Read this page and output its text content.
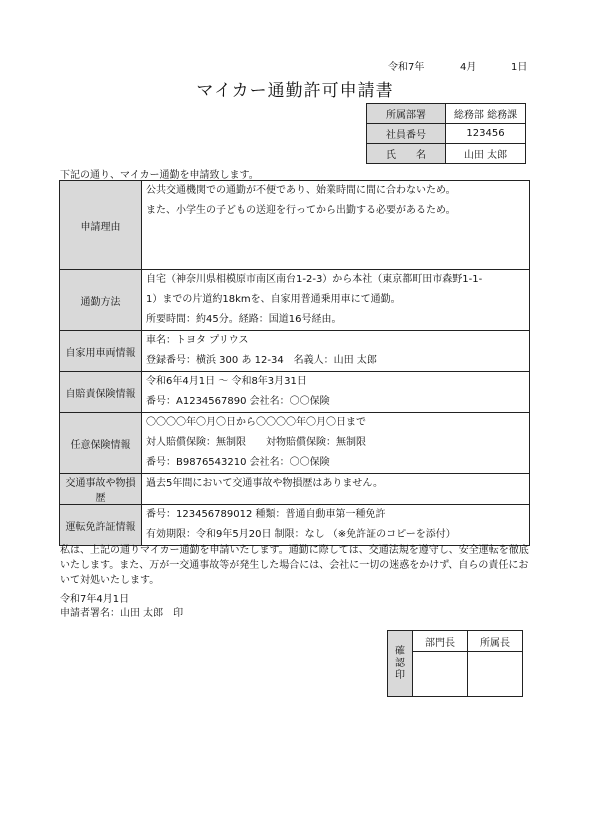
令和7年	4月	1日
マイカー通勤許可申請書
所属部署	総務部 総務課
社員番号	123456
氏　　名	山田 太郎
下記の通り、マイカー通勤を申請致します。
申請理由	公共交通機関での通勤が不便であり、始業時間に間に合わないため。
また、小学生の子どもの送迎を行ってから出勤する必要があるため。

通勤方法	自宅（神奈川県相模原市南区南台1-2-3）から本社（東京都町田市森野1-1-
1）までの片道約18kmを、自家用普通乗用車にて通勤。
所要時間：約45分。経路：国道16号経由。

自家用車両情報	車名：トヨタ プリウス
登録番号：横浜 300 あ 12-34　名義人：山田 太郎

自賠責保険情報	令和6年4月1日 ～ 令和8年3月31日
番号：A1234567890 会社名：〇〇保険

任意保険情報	〇〇〇〇年〇月〇日から〇〇〇〇年〇月〇日まで
対人賠償保険：無制限　　対物賠償保険：無制限
番号：B9876543210 会社名：〇〇保険

交通事故や物損歴	過去5年間において交通事故や物損歴はありません。

運転免許証情報	番号：123456789012 種類：普通自動車第一種免許
有効期限：令和9年5月20日 制限：なし （※免許証のコピーを添付）
私は、上記の通りマイカー通勤を申請いたします。通勤に際しては、交通法規を遵守し、安全運転を徹底いたします。また、万が一交通事故等が発生した場合には、会社に一切の迷惑をかけず、自らの責任において対処いたします。
令和7年4月1日
申請者署名：山田 太郎　印
確認印	部門長	所属長
